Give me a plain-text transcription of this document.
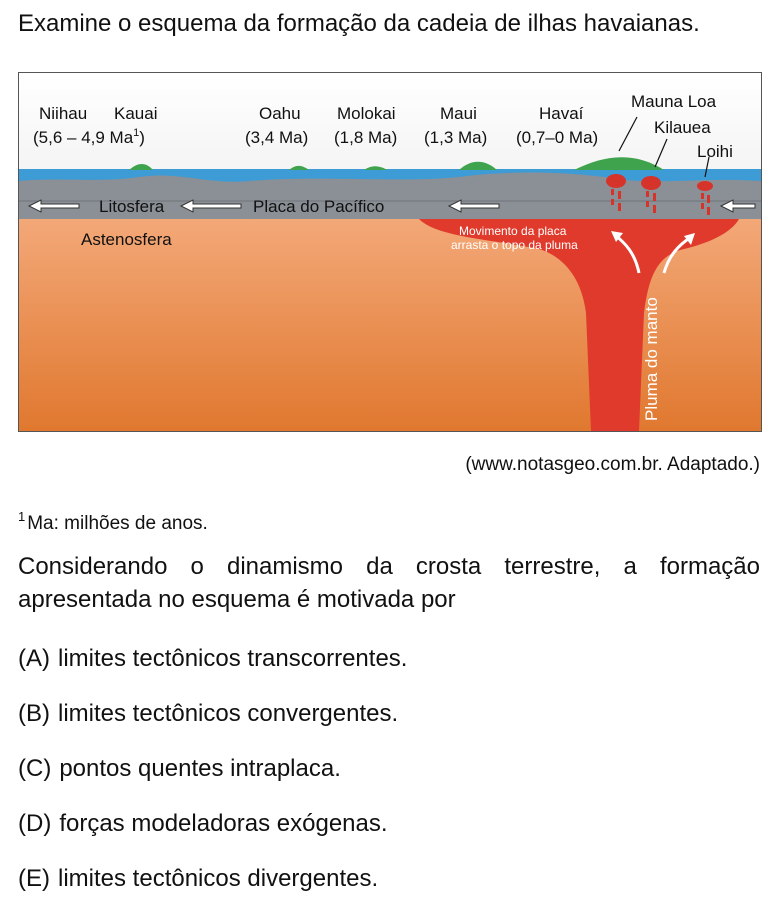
Examine o esquema da formação da cadeia de ilhas havaianas.
Niihau Kauai
(5,6 – 4,9 Ma$^1$)
Oahu
(3,4 Ma)
Molokai
(1,8 Ma)
Maui
(1,3 Ma)
Havaí
(0,7–0 Ma)
Mauna Loa
Kilauea
Loihi
Litosfera	Placa do Pacífico
Astenosfera	Movimento da placa
arrasta o topo da pluma
Pluma do manto
(www.notasgeo.com.br. Adaptado.)
$^1$ Ma: milhões de anos.
Considerando o dinamismo da crosta terrestre, a formação apresentada no esquema é motivada por
(A) limites tectônicos transcorrentes.
(B) limites tectônicos convergentes.
(C) pontos quentes intraplaca.
(D) forças modeladoras exógenas.
(E) limites tectônicos divergentes.
